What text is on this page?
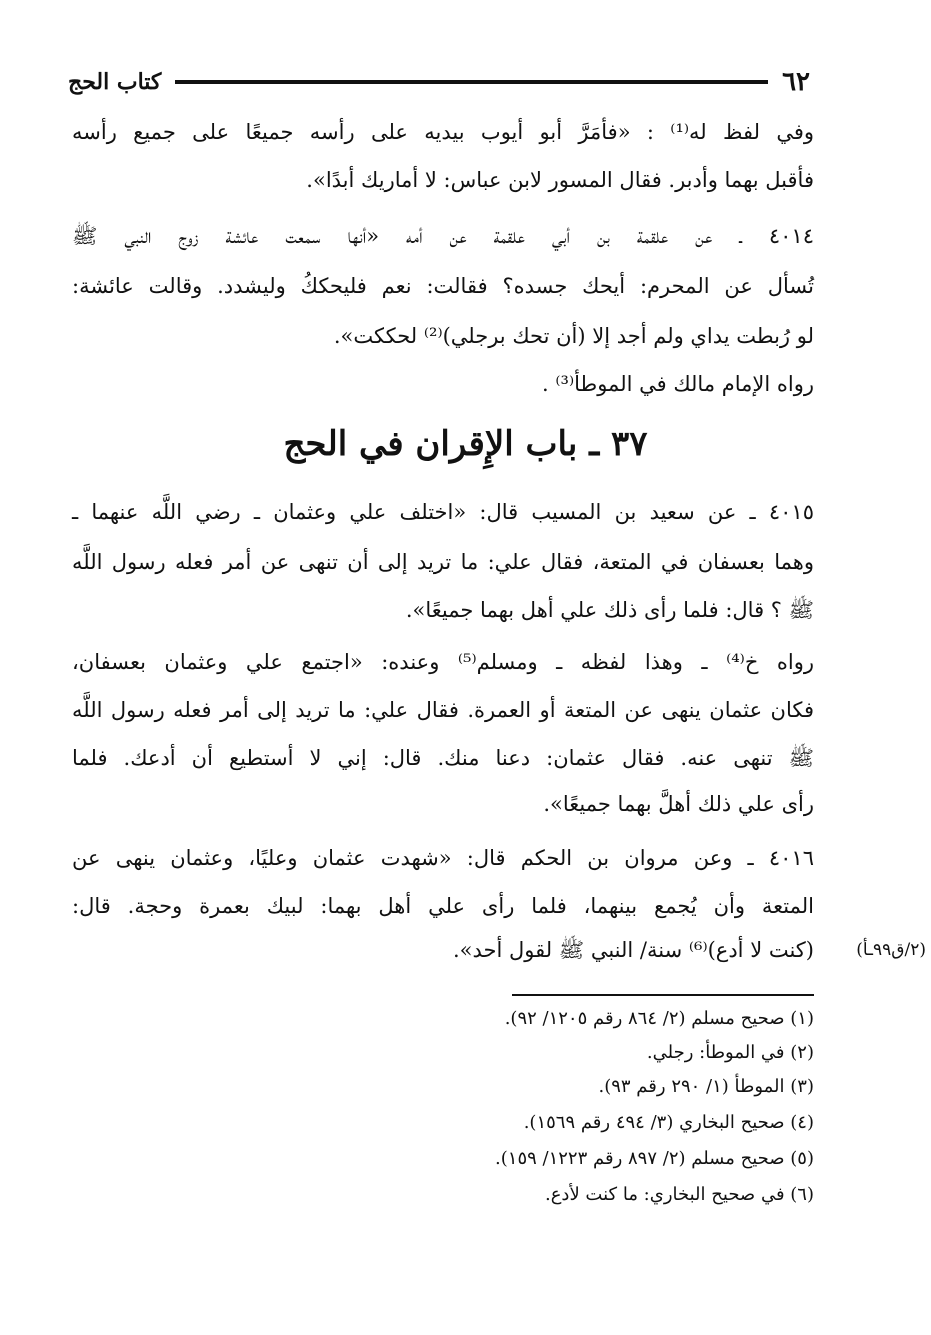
٦٢
كتاب الحج
وفي لفظ له⁽¹⁾ : «فأمَرَّ أبو أيوب بيديه على رأسه جميعًا على جميع رأسه
فأقبل بهما وأدبر. فقال المسور لابن عباس: لا أماريك أبدًا».
٤٠١٤ ـ عن علقمة بن أبي علقمة عن أمه «أنها سمعت عائشة زوج النبي ﷺ
تُسأل عن المحرم: أيحك جسده؟ فقالت: نعم فليحككُ وليشدد. وقالت عائشة:
لو رُبطت يداي ولم أجد إلا (أن تحك برجلي)⁽²⁾ لحككت».
رواه الإمام مالك في الموطأ⁽³⁾ .
٣٧ ـ باب الإِقران في الحج
٤٠١٥ ـ عن سعيد بن المسيب قال: «اختلف علي وعثمان ـ رضي اللَّه عنهما ـ
وهما بعسفان في المتعة، فقال علي: ما تريد إلى أن تنهى عن أمر فعله رسول اللَّه
ﷺ ؟ قال: فلما رأى ذلك علي أهل بهما جميعًا».
رواه خ⁽⁴⁾ ـ وهذا لفظه ـ ومسلم⁽⁵⁾ وعنده: «اجتمع علي وعثمان بعسفان،
فكان عثمان ينهى عن المتعة أو العمرة. فقال علي: ما تريد إلى أمر فعله رسول اللَّه
ﷺ تنهى عنه. فقال عثمان: دعنا منك. قال: إني لا أستطيع أن أدعك. فلما
رأى علي ذلك أهلَّ بهما جميعًا».
٤٠١٦ ـ وعن مروان بن الحكم قال: «شهدت عثمان وعليًا، وعثمان ينهى عن
المتعة وأن يُجمع بينهما، فلما رأى علي أهل بهما: لبيك بعمرة وحجة. قال:
(كنت لا أدع)⁽⁶⁾ سنة/ النبي ﷺ لقول أحد».	(٢/ق٩٩ـأ)
(١) صحيح مسلم (٢/ ٨٦٤ رقم ١٢٠٥/ ٩٢).
(٢) في الموطأ: رجلي.
(٣) الموطأ (١/ ٢٩٠ رقم ٩٣).
(٤) صحيح البخاري (٣/ ٤٩٤ رقم ١٥٦٩).
(٥) صحيح مسلم (٢/ ٨٩٧ رقم ١٢٢٣/ ١٥٩).
(٦) في صحيح البخاري: ما كنت لأدع.
